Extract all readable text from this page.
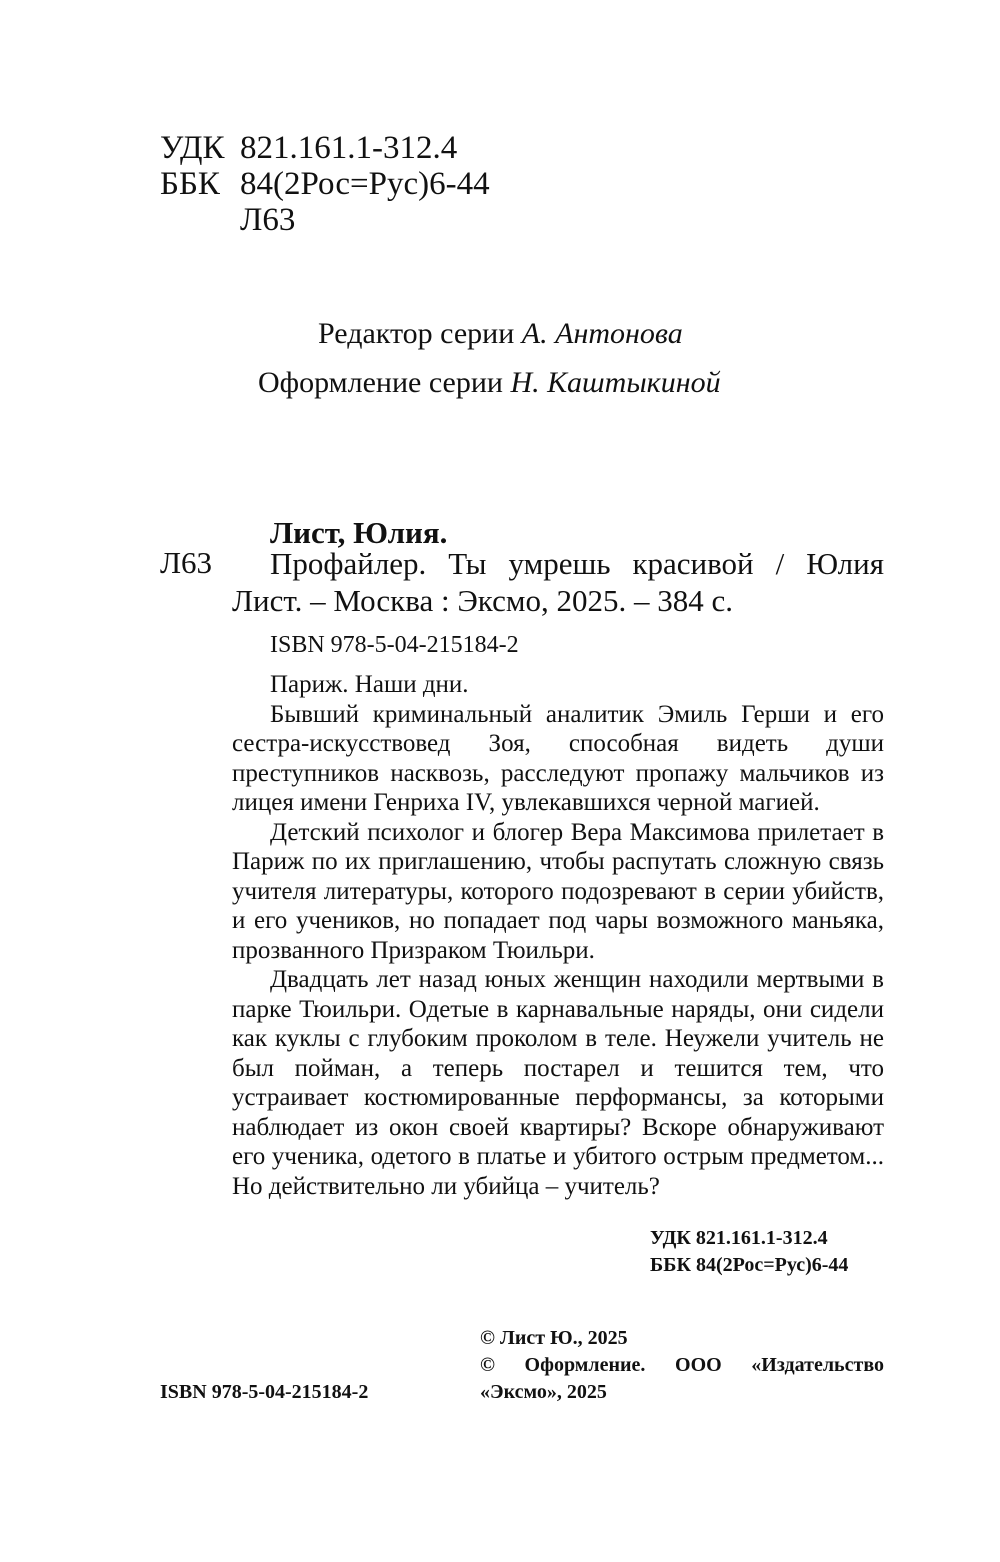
УДК 821.161.1-312.4
ББК 84(2Рос=Рус)6-44
Л63
Редактор серии А. Антонова
Оформление серии Н. Каштыкиной
Лист, Юлия.
Л63	Профайлер. Ты умрешь красивой / Юлия Лист. – Москва : Эксмо, 2025. – 384 с.
ISBN 978-5-04-215184-2

Париж. Наши дни.

Бывший криминальный аналитик Эмиль Герши и его сестра-искусствовед Зоя, способная видеть души преступников насквозь, расследуют пропажу мальчиков из лицея имени Генриха IV, увлекавшихся черной магией.

Детский психолог и блогер Вера Максимова прилетает в Париж по их приглашению, чтобы распутать сложную связь учителя литературы, которого подозревают в серии убийств, и его учеников, но попадает под чары возможного маньяка, прозванного Призраком Тюильри.

Двадцать лет назад юных женщин находили мертвыми в парке Тюильри. Одетые в карнавальные наряды, они сидели как куклы с глубоким проколом в теле. Неужели учитель не был пойман, а теперь постарел и тешится тем, что устраивает костюмированные перформансы, за которыми наблюдает из окон своей квартиры? Вскоре обнаруживают его ученика, одетого в платье и убитого острым предметом... Но действительно ли убийца – учитель?

УДК 821.161.1-312.4
ББК 84(2Рос=Рус)6-44
© Лист Ю., 2025
© Оформление. ООО «Издательство
«Эксмо», 2025
ISBN 978-5-04-215184-2
